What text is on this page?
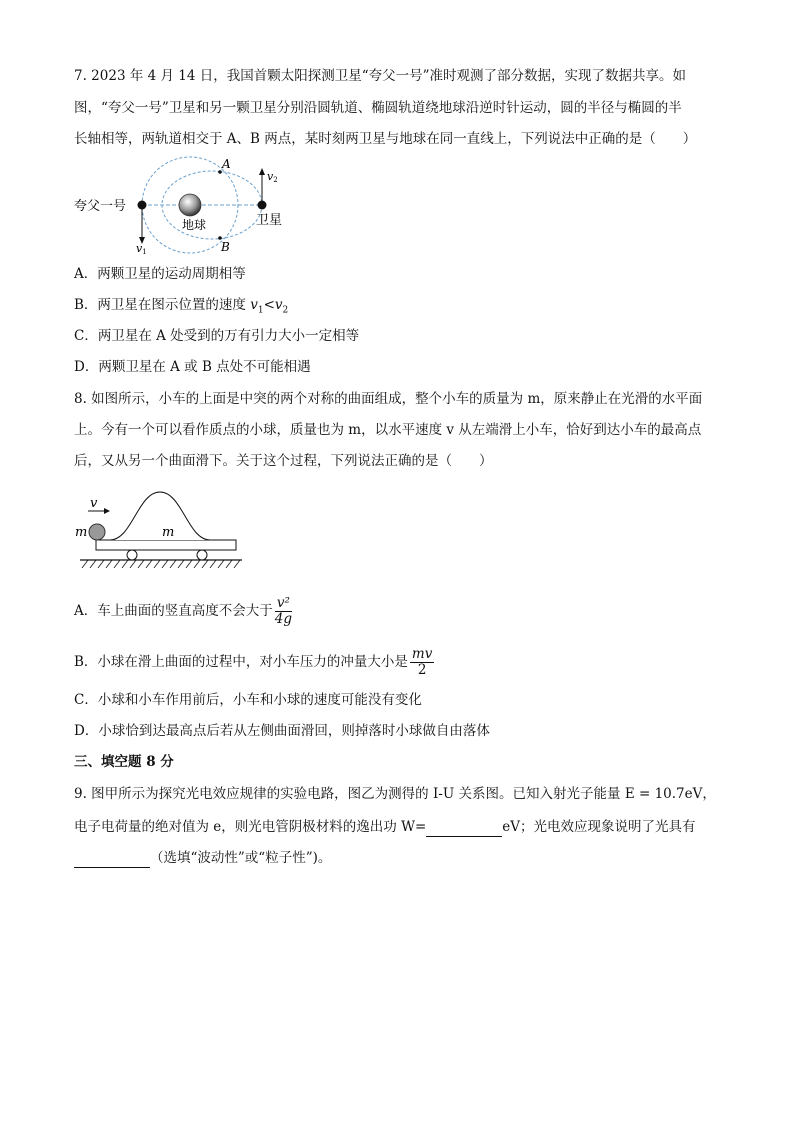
7. 2023 年 4 月 14 日，我国首颗太阳探测卫星“夸父一号”准时观测了部分数据，实现了数据共享。如
图，“夸父一号”卫星和另一颗卫星分别沿圆轨道、椭圆轨道绕地球沿逆时针运动，圆的半径与椭圆的半
长轴相等，两轨道相交于 A、B 两点，某时刻两卫星与地球在同一直线上，下列说法中正确的是（　　）
夸父一号
地球	卫星
A
B
v1
v2
A．两颗卫星的运动周期相等
B．两卫星在图示位置的速度 $v_1<v_2$
C．两卫星在 A 处受到的万有引力大小一定相等
D．两颗卫星在 A 或 B 点处不可能相遇
8. 如图所示，小车的上面是中突的两个对称的曲面组成，整个小车的质量为 m，原来静止在光滑的水平面
上。今有一个可以看作质点的小球，质量也为 m，以水平速度 v 从左端滑上小车，恰好到达小车的最高点
后，又从另一个曲面滑下。关于这个过程，下列说法正确的是（　　）
v
m	m
A．车上曲面的竖直高度不会大于 $\frac{\text{v²}}{4g}$
B．小球在滑上曲面的过程中，对小车压力的冲量大小是 $\frac{mv}{2}$
C．小球和小车作用前后，小车和小球的速度可能没有变化
D．小球恰到达最高点后若从左侧曲面滑回，则掉落时小球做自由落体
三、填空题 8 分
9. 图甲所示为探究光电效应规律的实验电路，图乙为测得的 I-U 关系图。已知入射光子能量 E = 10.7eV，
电子电荷量的绝对值为 e，则光电管阴极材料的逸出功 W=	eV；光电效应现象说明了光具有
（选填“波动性”或“粒子性”)。
